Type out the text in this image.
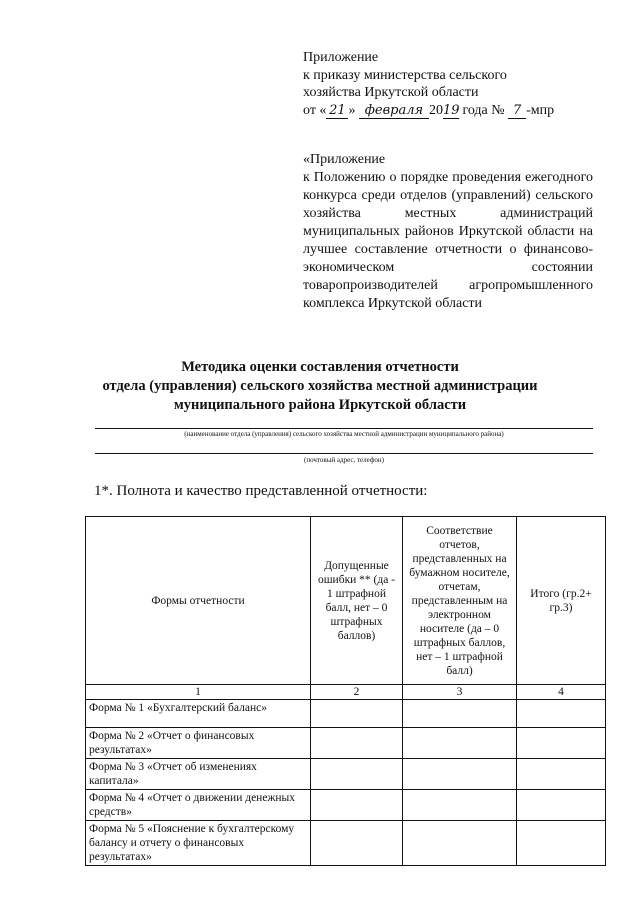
Приложение
к приказу министерства сельского
хозяйства Иркутской области
от « 21 » февраля 2019 года № 7 -мпр
«Приложение
к Положению о порядке проведения ежегодного конкурса среди отделов (управлений) сельского хозяйства местных администраций муниципальных районов Иркутской области на лучшее составление отчетности о финансово-экономическом состоянии товаропроизводителей агропромышленного комплекса Иркутской области
Методика оценки составления отчетности
отдела (управления) сельского хозяйства местной администрации
муниципального района Иркутской области
(наименование отдела (управления) сельского хозяйства местной администрации муниципального района)
(почтовый адрес, телефон)
1*. Полнота и качество представленной отчетности:
Формы отчетности	Допущенные ошибки ** (да - 1 штрафной балл, нет – 0 штрафных баллов)	Соответствие отчетов, представленных на бумажном носителе, отчетам, представленным на электронном носителе (да – 0 штрафных баллов, нет – 1 штрафной балл)	Итого (гр.2+ гр.3)
1	2	3	4
Форма № 1 «Бухгалтерский баланс»			
Форма № 2 «Отчет о финансовых результатах»			
Форма № 3 «Отчет об изменениях капитала»			
Форма № 4 «Отчет о движении денежных средств»			
Форма № 5 «Пояснение к бухгалтерскому балансу и отчету о финансовых результатах»			
